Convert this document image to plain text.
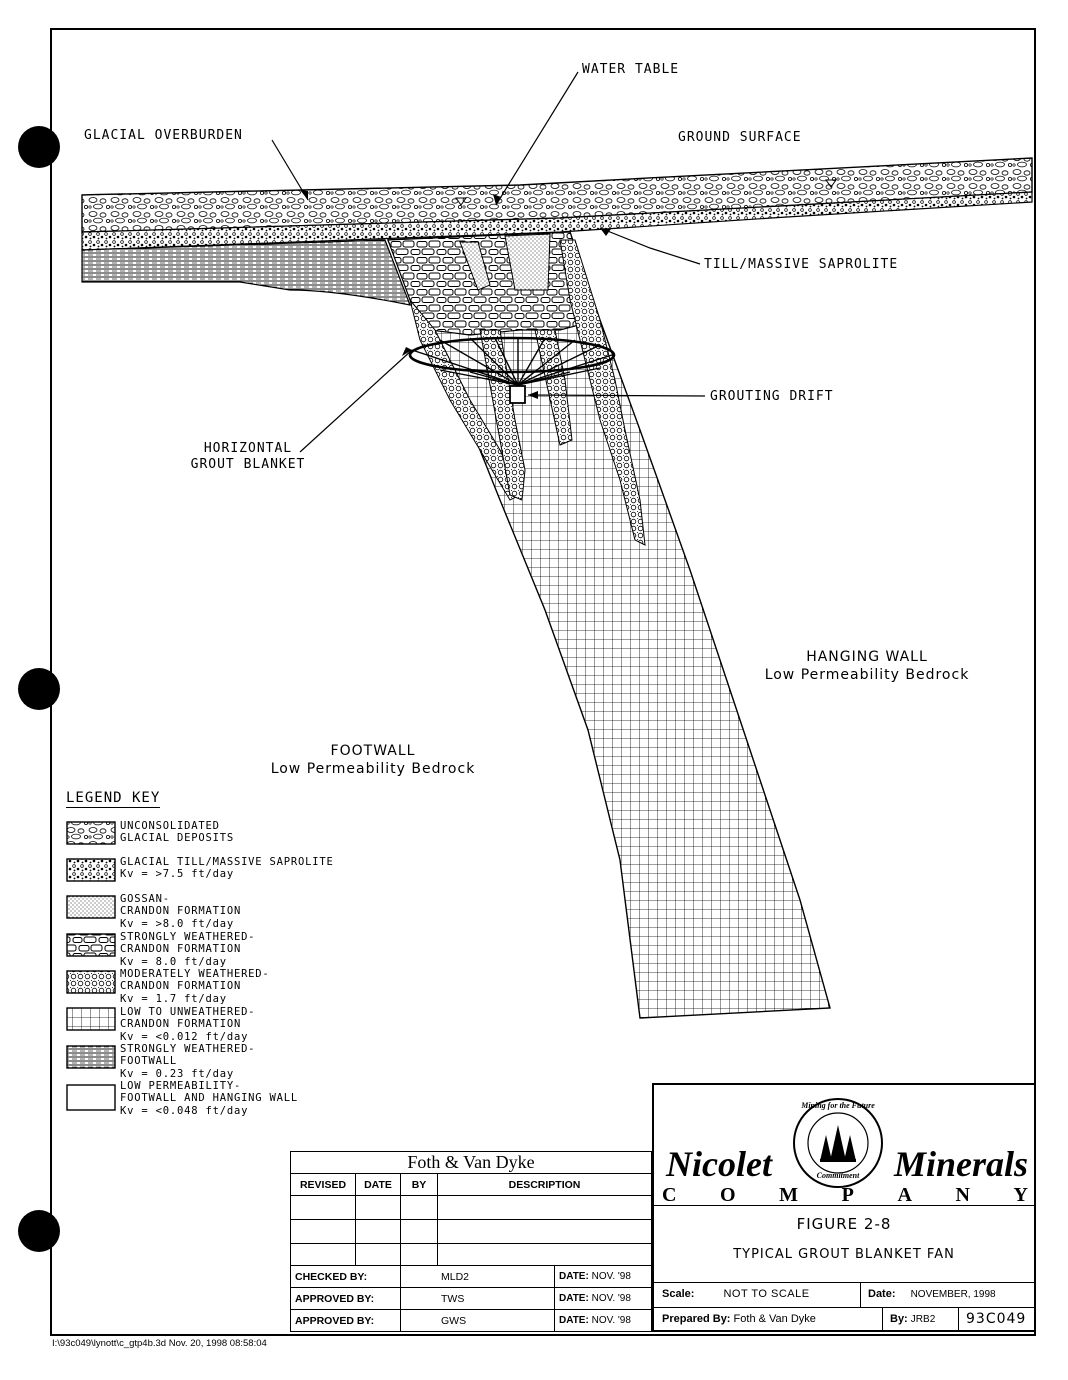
WATER TABLE
GLACIAL OVERBURDEN	GROUND SURFACE
TILL/MASSIVE SAPROLITE
GROUTING DRIFT
HORIZONTAL
GROUT BLANKET
HANGING WALL
Low Permeability Bedrock
FOOTWALL
Low Permeability Bedrock
LEGEND KEY
UNCONSOLIDATED
GLACIAL DEPOSITS
GLACIAL TILL/MASSIVE SAPROLITE
Kv = >7.5 ft/day
GOSSAN-
CRANDON FORMATION
Kv = >8.0 ft/day
STRONGLY WEATHERED-
CRANDON FORMATION
Kv = 8.0 ft/day
MODERATELY WEATHERED-
CRANDON FORMATION
Kv = 1.7 ft/day
LOW TO UNWEATHERED-
CRANDON FORMATION
Kv = <0.012 ft/day
STRONGLY WEATHERED-
FOOTWALL
Kv = 0.23 ft/day
LOW PERMEABILITY-
FOOTWALL AND HANGING WALL
Kv = <0.048 ft/day
Foth & Van Dyke				
REVISED	DATE	BY	DESCRIPTION	

CHECKED BY:		MLD2		DATE: NOV. '98
APPROVED BY:		TWS		DATE: NOV. '98
APPROVED BY:		GWS		DATE: NOV. '98
Nicolet	Minerals
Mining for the Future
Commitment
C O M P A N Y
FIGURE 2-8
TYPICAL GROUT BLANKET FAN
Scale:	NOT TO SCALE	Date: NOVEMBER, 1998
Prepared By: Foth & Van Dyke	By: JRB2 93C049
I:\93c049\lynott\c_gtp4b.3d Nov. 20, 1998 08:58:04
